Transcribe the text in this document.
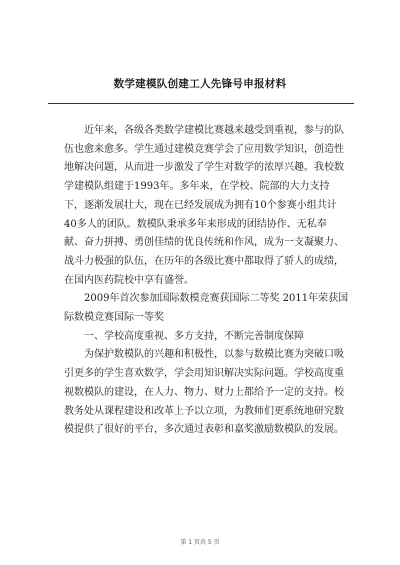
数学建模队创建工人先锋号申报材料
近年来，各级各类数学建模比赛越来越受到重视，参与的队
伍也愈来愈多。学生通过建模竞赛学会了应用数学知识，创造性
地解决问题，从而进一步激发了学生对数学的浓厚兴趣。我校数
学建模队组建于1993年。多年来，在学校、院部的大力支持
下，逐渐发展壮大，现在已经发展成为拥有10个参赛小组共计
40多人的团队。数模队秉承多年来形成的团结协作、无私奉
献、奋力拼搏、勇创佳绩的优良传统和作风，成为一支凝聚力、
战斗力极强的队伍，在历年的各级比赛中都取得了骄人的成绩，
在国内医药院校中享有盛誉。
2009年首次参加国际数模竞赛获国际二等奖 2011年荣获国
际数模竞赛国际一等奖
一、学校高度重视、多方支持，不断完善制度保障
为保护数模队的兴趣和积极性，以参与数模比赛为突破口吸
引更多的学生喜欢数学，学会用知识解决实际问题。学校高度重
视数模队的建设，在人力、物力、财力上都给予一定的支持。校
教务处从课程建设和改革上予以立项，为教师们更系统地研究数
模提供了很好的平台，多次通过表彰和嘉奖激励数模队的发展。
第 1 页共 5 页
